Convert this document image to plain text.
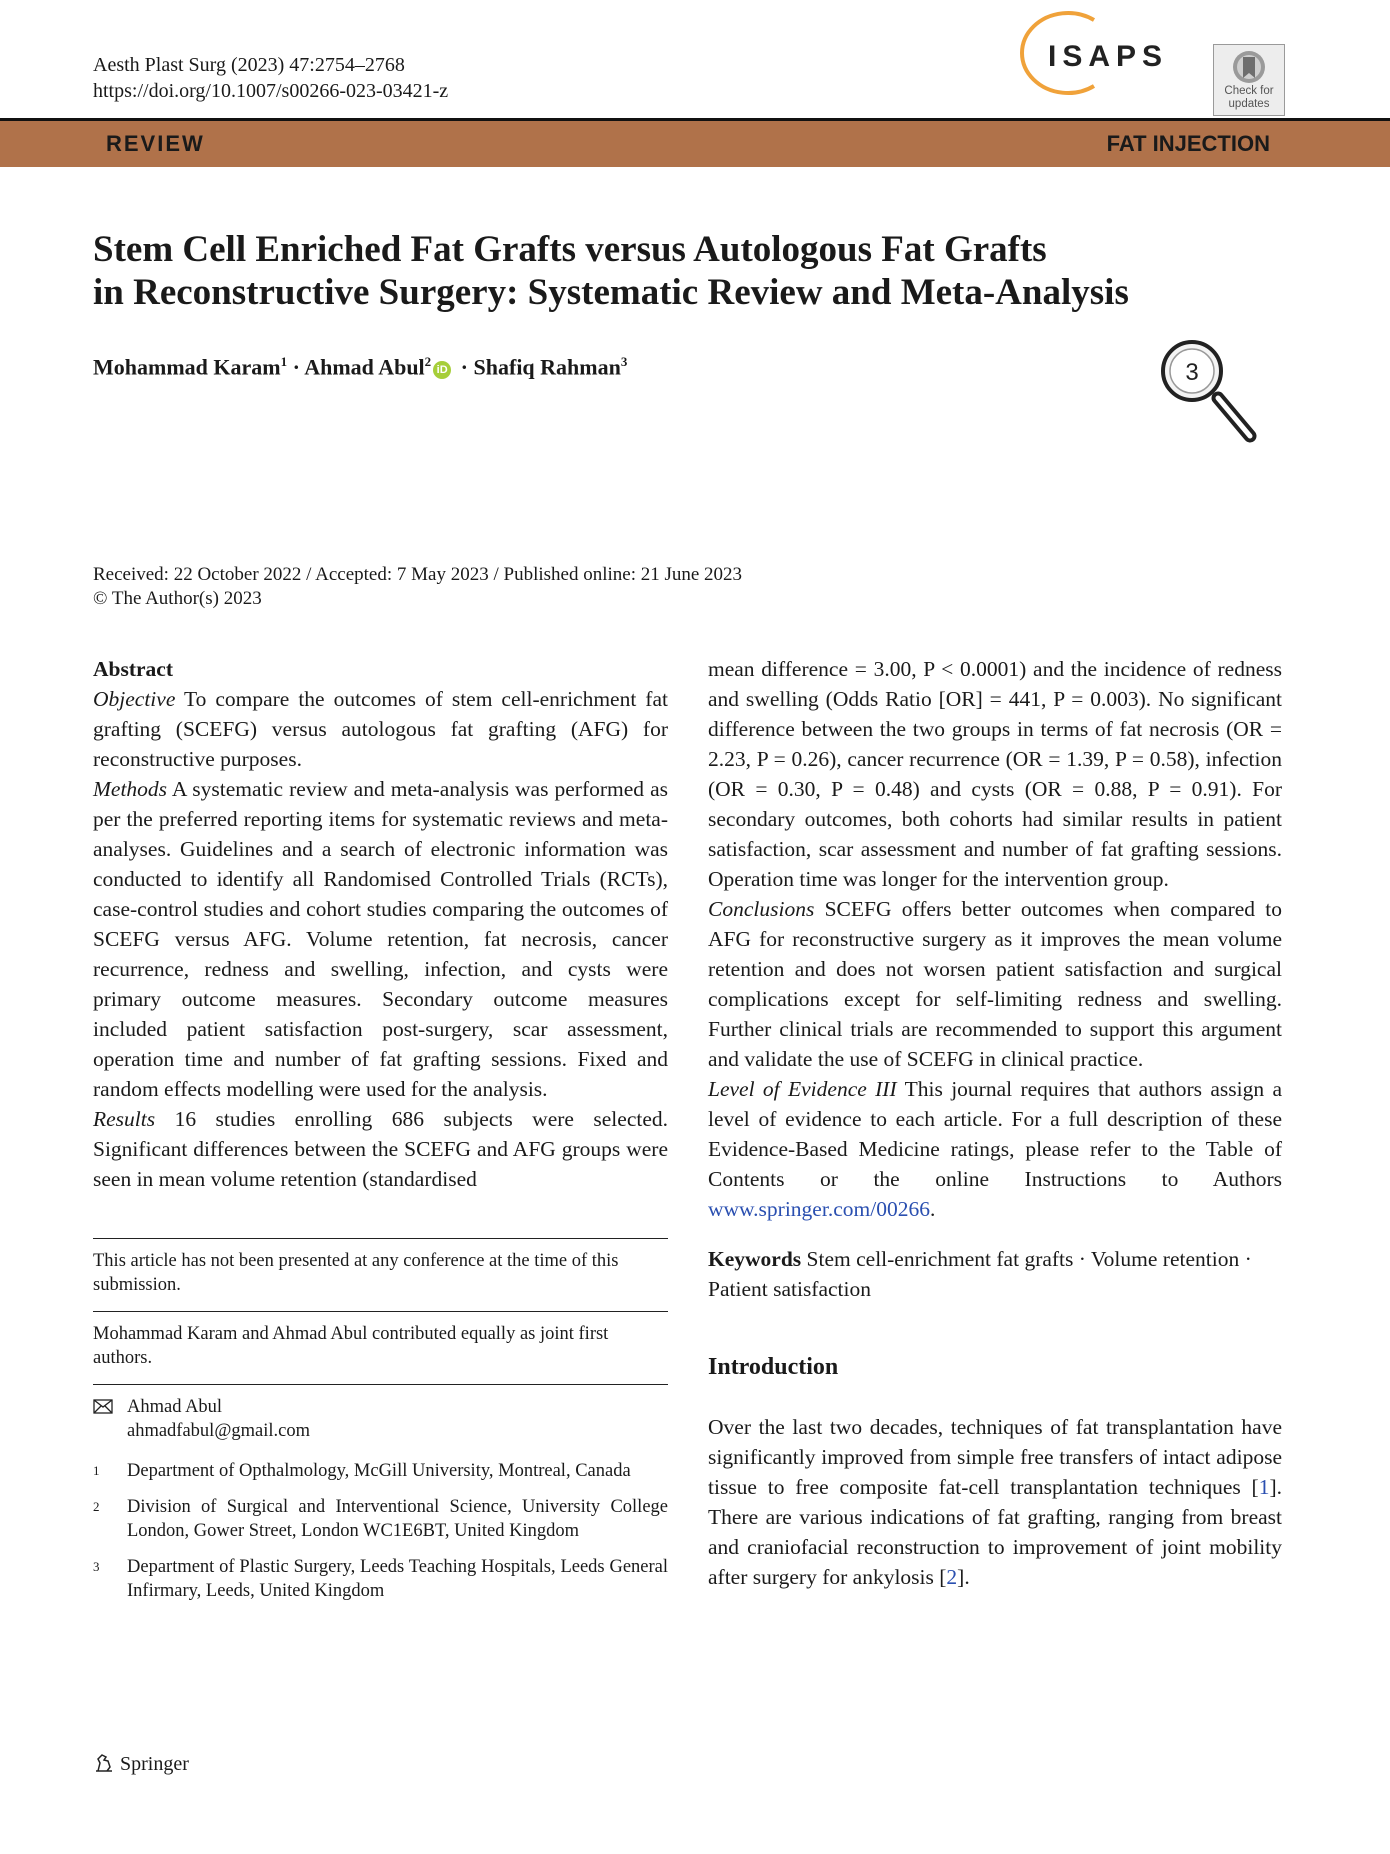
Aesth Plast Surg (2023) 47:2754–2768
https://doi.org/10.1007/s00266-023-03421-z
ISAPS
Check for
updates
REVIEW	FAT INJECTION
Stem Cell Enriched Fat Grafts versus Autologous Fat Grafts
in Reconstructive Surgery: Systematic Review and Meta-Analysis
Mohammad Karam$^1$ · Ahmad Abul$^2$iD · Shafiq Rahman$^3$	3
Received: 22 October 2022 / Accepted: 7 May 2023 / Published online: 21 June 2023
© The Author(s) 2023

Abstract

Objective To compare the outcomes of stem cell-enrichment fat grafting (SCEFG) versus autologous fat grafting (AFG) for reconstructive purposes.

Methods A systematic review and meta-analysis was performed as per the preferred reporting items for systematic reviews and meta-analyses. Guidelines and a search of electronic information was conducted to identify all Randomised Controlled Trials (RCTs), case-control studies and cohort studies comparing the outcomes of SCEFG versus AFG. Volume retention, fat necrosis, cancer recurrence, redness and swelling, infection, and cysts were primary outcome measures. Secondary outcome measures included patient satisfaction post-surgery, scar assessment, operation time and number of fat grafting sessions. Fixed and random effects modelling were used for the analysis.

Results 16 studies enrolling 686 subjects were selected. Significant differences between the SCEFG and AFG groups were seen in mean volume retention (standardised

This article has not been presented at any conference at the time of this submission.
Mohammad Karam and Ahmad Abul contributed equally as joint first authors.
Ahmad Abul
ahmadfabul@gmail.com
1 Department of Opthalmology, McGill University, Montreal, Canada
2 Division of Surgical and Interventional Science, University College London, Gower Street, London WC1E6BT, United Kingdom
3 Department of Plastic Surgery, Leeds Teaching Hospitals, Leeds General Infirmary, Leeds, United Kingdom

mean difference = 3.00, P < 0.0001) and the incidence of redness and swelling (Odds Ratio [OR] = 441, P = 0.003). No significant difference between the two groups in terms of fat necrosis (OR = 2.23, P = 0.26), cancer recurrence (OR = 1.39, P = 0.58), infection (OR = 0.30, P = 0.48) and cysts (OR = 0.88, P = 0.91). For secondary outcomes, both cohorts had similar results in patient satisfaction, scar assessment and number of fat grafting sessions. Operation time was longer for the intervention group.

Conclusions SCEFG offers better outcomes when compared to AFG for reconstructive surgery as it improves the mean volume retention and does not worsen patient satisfaction and surgical complications except for self-limiting redness and swelling. Further clinical trials are recommended to support this argument and validate the use of SCEFG in clinical practice.

Level of Evidence III This journal requires that authors assign a level of evidence to each article. For a full description of these Evidence-Based Medicine ratings, please refer to the Table of Contents or the online Instructions to Authors www.springer.com/00266.

Keywords Stem cell-enrichment fat grafts · Volume retention · Patient satisfaction

Introduction

Over the last two decades, techniques of fat transplantation have significantly improved from simple free transfers of intact adipose tissue to free composite fat-cell transplantation techniques [1]. There are various indications of fat grafting, ranging from breast and craniofacial reconstruction to improvement of joint mobility after surgery for ankylosis [2].

Springer
